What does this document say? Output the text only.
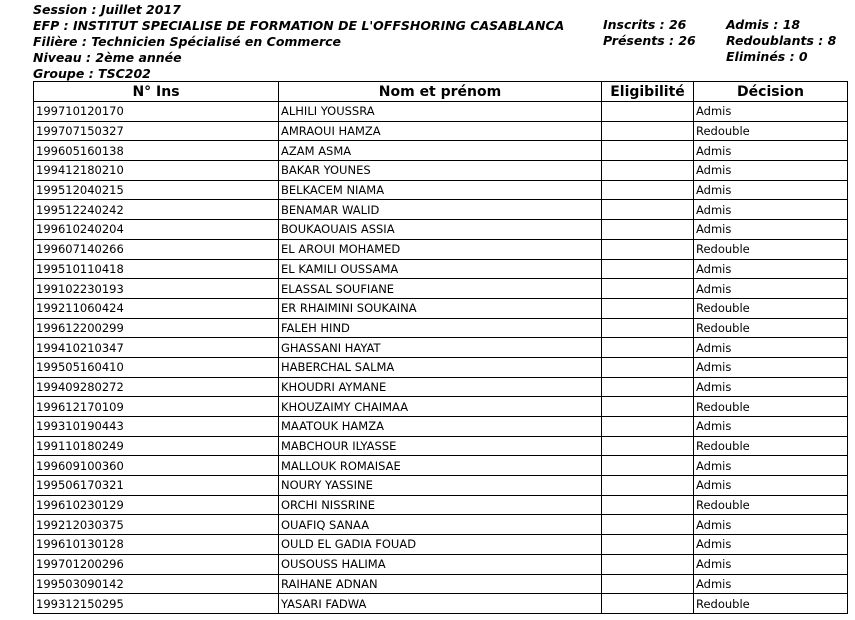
Session : Juillet 2017
EFP : INSTITUT SPECIALISE DE FORMATION DE L'OFFSHORING CASABLANCA
Filière : Technicien Spécialisé en Commerce
Niveau : 2ème année
Groupe : TSC202
Inscrits : 26
Présents : 26
Admis : 18
Redoublants : 8
Eliminés : 0
N° Ins	Nom et prénom	Eligibilité	Décision
199710120170	ALHILI YOUSSRA		Admis
199707150327	AMRAOUI HAMZA		Redouble
199605160138	AZAM ASMA		Admis
199412180210	BAKAR YOUNES		Admis
199512040215	BELKACEM NIAMA		Admis
199512240242	BENAMAR WALID		Admis
199610240204	BOUKAOUAIS ASSIA		Admis
199607140266	EL AROUI MOHAMED		Redouble
199510110418	EL KAMILI OUSSAMA		Admis
199102230193	ELASSAL SOUFIANE		Admis
199211060424	ER RHAIMINI SOUKAINA		Redouble
199612200299	FALEH HIND		Redouble
199410210347	GHASSANI HAYAT		Admis
199505160410	HABERCHAL SALMA		Admis
199409280272	KHOUDRI AYMANE		Admis
199612170109	KHOUZAIMY CHAIMAA		Redouble
199310190443	MAATOUK HAMZA		Admis
199110180249	MABCHOUR ILYASSE		Redouble
199609100360	MALLOUK ROMAISAE		Admis
199506170321	NOURY YASSINE		Admis
199610230129	ORCHI NISSRINE		Redouble
199212030375	OUAFIQ SANAA		Admis
199610130128	OULD EL GADIA FOUAD		Admis
199701200296	OUSOUSS HALIMA		Admis
199503090142	RAIHANE ADNAN		Admis
199312150295	YASARI FADWA		Redouble
